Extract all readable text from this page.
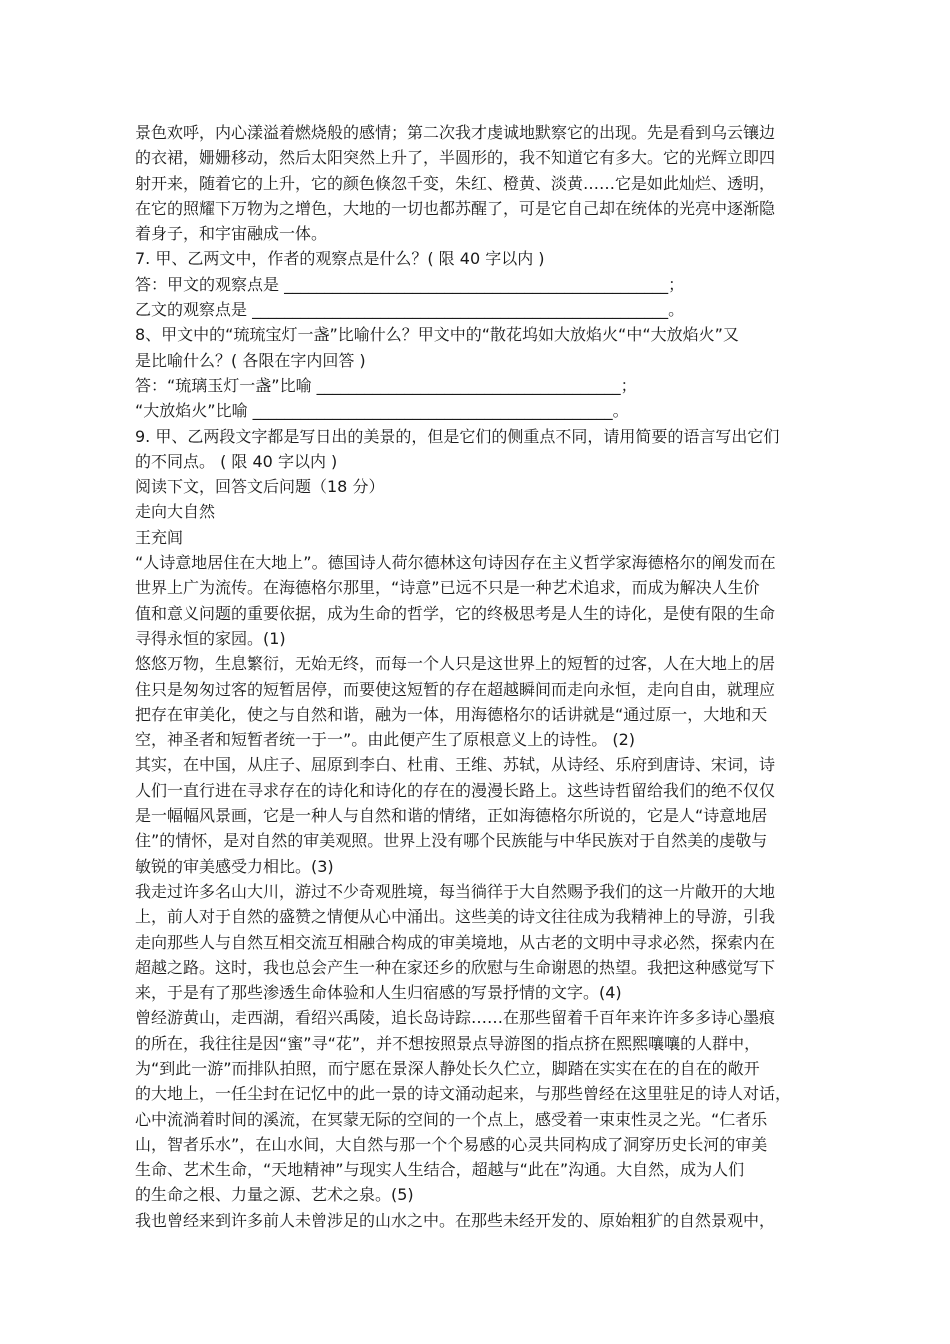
景色欢呼，内心漾溢着燃烧般的感情；第二次我才虔诚地默察它的出现。先是看到乌云镶边
的衣裙，姗姗移动，然后太阳突然上升了，半圆形的，我不知道它有多大。它的光辉立即四
射开来，随着它的上升，它的颜色倏忽千变，朱红、橙黄、淡黄……它是如此灿烂、透明，
在它的照耀下万物为之增色，大地的一切也都苏醒了，可是它自己却在统体的光亮中逐渐隐
着身子，和宇宙融成一体。
7. 甲、乙两文中，作者的观察点是什么？( 限 40 字以内 )
答：甲文的观察点是 ________________________________________________；
乙文的观察点是 ____________________________________________________。
8、甲文中的“琉琉宝灯一盏”比喻什么？甲文中的“散花坞如大放焰火“中“大放焰火”又
是比喻什么？( 各限在字内回答 )
答：“琉璃玉灯一盏”比喻 ______________________________________；
“大放焰火”比喻 _____________________________________________。
9. 甲、乙两段文字都是写日出的美景的，但是它们的侧重点不同，请用简要的语言写出它们
的不同点。 ( 限 40 字以内 )
阅读下文，回答文后问题（18 分）
走向大自然
王充闾
“人诗意地居住在大地上”。德国诗人荷尔德林这句诗因存在主义哲学家海德格尔的阐发而在
世界上广为流传。在海德格尔那里，“诗意”已远不只是一种艺术追求，而成为解决人生价
值和意义问题的重要依据，成为生命的哲学，它的终极思考是人生的诗化，是使有限的生命
寻得永恒的家园。(1)
悠悠万物，生息繁衍，无始无终，而每一个人只是这世界上的短暂的过客，人在大地上的居
住只是匆匆过客的短暂居停，而要使这短暂的存在超越瞬间而走向永恒，走向自由，就理应
把存在审美化，使之与自然和谐，融为一体，用海德格尔的话讲就是“通过原一，大地和天
空，神圣者和短暂者统一于一”。由此便产生了原根意义上的诗性。 (2)
其实，在中国，从庄子、屈原到李白、杜甫、王维、苏轼，从诗经、乐府到唐诗、宋词，诗
人们一直行进在寻求存在的诗化和诗化的存在的漫漫长路上。这些诗哲留给我们的绝不仅仅
是一幅幅风景画，它是一种人与自然和谐的情绪，正如海德格尔所说的，它是人“诗意地居
住”的情怀，是对自然的审美观照。世界上没有哪个民族能与中华民族对于自然美的虔敬与
敏锐的审美感受力相比。(3)
我走过许多名山大川，游过不少奇观胜境，每当徜徉于大自然赐予我们的这一片敞开的大地
上，前人对于自然的盛赞之情便从心中涌出。这些美的诗文往往成为我精神上的导游，引我
走向那些人与自然互相交流互相融合构成的审美境地，从古老的文明中寻求必然，探索内在
超越之路。这时，我也总会产生一种在家还乡的欣慰与生命谢恩的热望。我把这种感觉写下
来，于是有了那些渗透生命体验和人生归宿感的写景抒情的文字。(4)
曾经游黄山，走西湖，看绍兴禹陵，追长岛诗踪……在那些留着千百年来许许多多诗心墨痕
的所在，我往往是因“蜜”寻“花”，并不想按照景点导游图的指点挤在熙熙嚷嚷的人群中，
为“到此一游”而排队拍照，而宁愿在景深人静处长久伫立，脚踏在实实在在的自在的敞开
的大地上，一任尘封在记忆中的此一景的诗文涌动起来，与那些曾经在这里驻足的诗人对话，
心中流淌着时间的溪流，在冥蒙无际的空间的一个点上，感受着一束束性灵之光。“仁者乐
山，智者乐水”，在山水间，大自然与那一个个易感的心灵共同构成了洞穿历史长河的审美
生命、艺术生命，“天地精神”与现实人生结合，超越与“此在”沟通。大自然，成为人们
的生命之根、力量之源、艺术之泉。(5)
我也曾经来到许多前人未曾涉足的山水之中。在那些未经开发的、原始粗犷的自然景观中，
